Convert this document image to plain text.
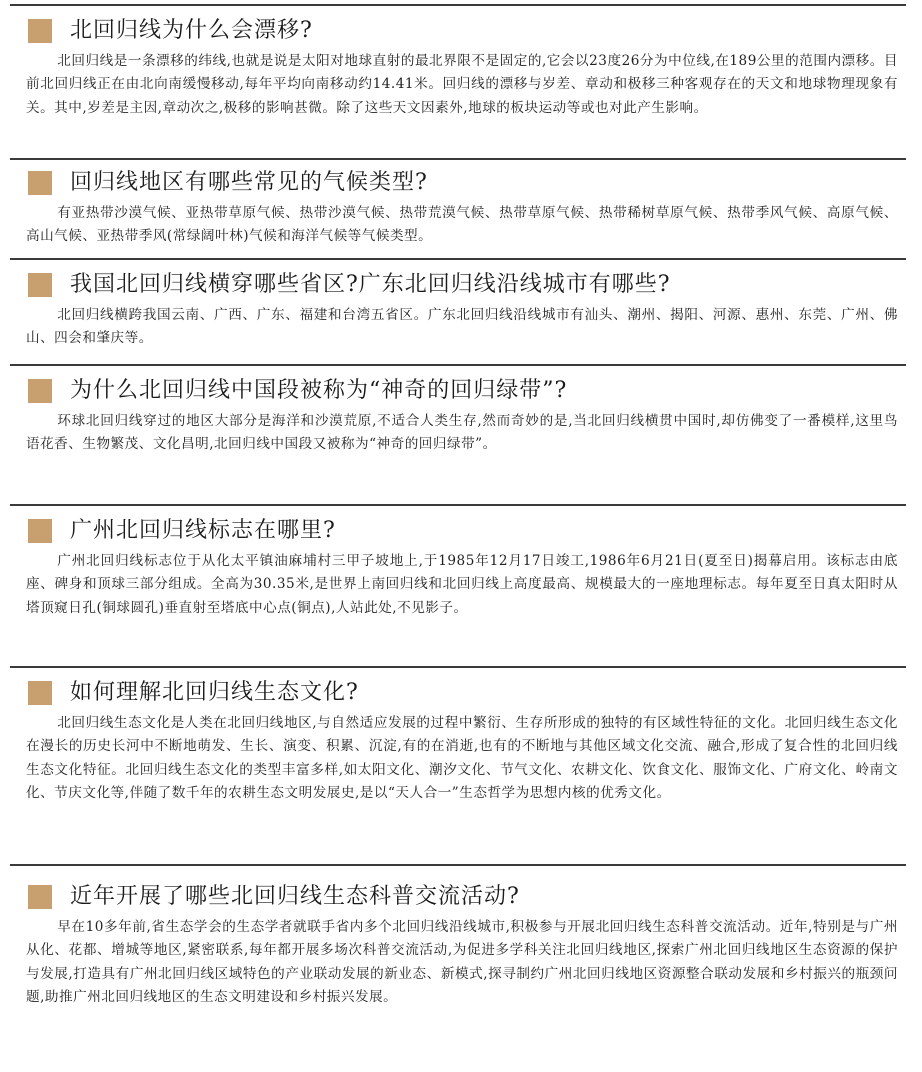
北回归线为什么会漂移?
北回归线是一条漂移的纬线,也就是说是太阳对地球直射的最北界限不是固定的,它会以23度26分为中位线,在189公里的范围内漂移。目前北回归线正在由北向南缓慢移动,每年平均向南移动约14.41米。回归线的漂移与岁差、章动和极移三种客观存在的天文和地球物理现象有关。其中,岁差是主因,章动次之,极移的影响甚微。除了这些天文因素外,地球的板块运动等或也对此产生影响。
回归线地区有哪些常见的气候类型?
有亚热带沙漠气候、亚热带草原气候、热带沙漠气候、热带荒漠气候、热带草原气候、热带稀树草原气候、热带季风气候、高原气候、高山气候、亚热带季风(常绿阔叶林)气候和海洋气候等气候类型。
我国北回归线横穿哪些省区?广东北回归线沿线城市有哪些?
北回归线横跨我国云南、广西、广东、福建和台湾五省区。广东北回归线沿线城市有汕头、潮州、揭阳、河源、惠州、东莞、广州、佛山、四会和肇庆等。
为什么北回归线中国段被称为“神奇的回归绿带”?
环球北回归线穿过的地区大部分是海洋和沙漠荒原,不适合人类生存,然而奇妙的是,当北回归线横贯中国时,却仿佛变了一番模样,这里鸟语花香、生物繁茂、文化昌明,北回归线中国段又被称为“神奇的回归绿带”。
广州北回归线标志在哪里?
广州北回归线标志位于从化太平镇油麻埔村三甲子坡地上,于1985年12月17日竣工,1986年6月21日(夏至日)揭幕启用。该标志由底座、碑身和顶球三部分组成。全高为30.35米,是世界上南回归线和北回归线上高度最高、规模最大的一座地理标志。每年夏至日真太阳时从塔顶窥日孔(铜球圆孔)垂直射至塔底中心点(铜点),人站此处,不见影子。
如何理解北回归线生态文化?
北回归线生态文化是人类在北回归线地区,与自然适应发展的过程中繁衍、生存所形成的独特的有区域性特征的文化。北回归线生态文化在漫长的历史长河中不断地萌发、生长、演变、积累、沉淀,有的在消逝,也有的不断地与其他区域文化交流、融合,形成了复合性的北回归线生态文化特征。北回归线生态文化的类型丰富多样,如太阳文化、潮汐文化、节气文化、农耕文化、饮食文化、服饰文化、广府文化、岭南文化、节庆文化等,伴随了数千年的农耕生态文明发展史,是以“天人合一”生态哲学为思想内核的优秀文化。
近年开展了哪些北回归线生态科普交流活动?
早在10多年前,省生态学会的生态学者就联手省内多个北回归线沿线城市,积极参与开展北回归线生态科普交流活动。近年,特别是与广州从化、花都、增城等地区,紧密联系,每年都开展多场次科普交流活动,为促进多学科关注北回归线地区,探索广州北回归线地区生态资源的保护与发展,打造具有广州北回归线区域特色的产业联动发展的新业态、新模式,探寻制约广州北回归线地区资源整合联动发展和乡村振兴的瓶颈问题,助推广州北回归线地区的生态文明建设和乡村振兴发展。
